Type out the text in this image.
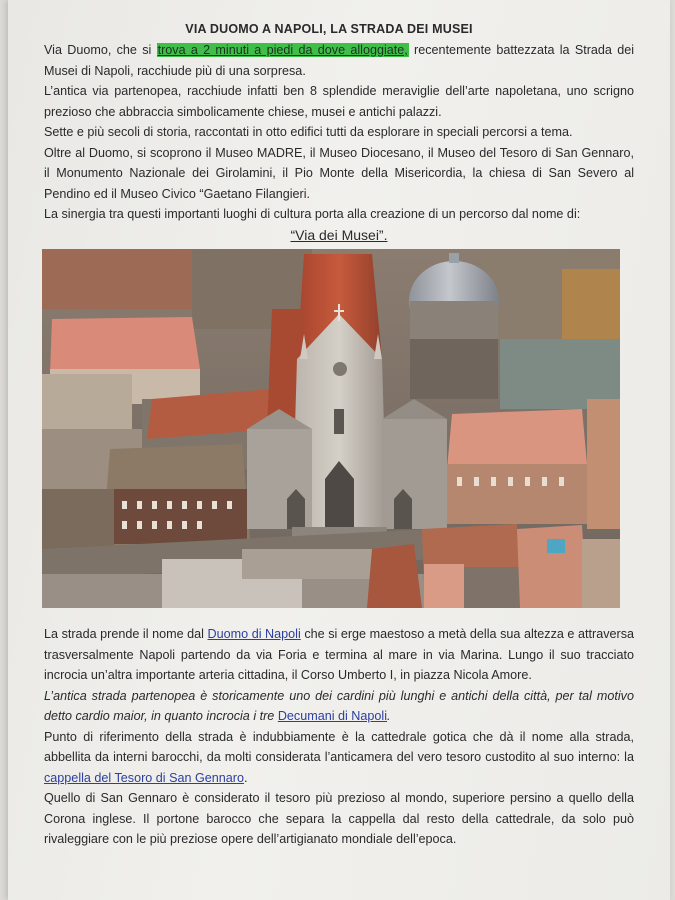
VIA DUOMO A NAPOLI, LA STRADA DEI MUSEI

Via Duomo, che si trova a 2 minuti a piedi da dove alloggiate, recentemente battezzata la Strada dei Musei di Napoli, racchiude più di una sorpresa.

L’antica via partenopea, racchiude infatti ben 8 splendide meraviglie dell’arte napoletana, uno scrigno prezioso che abbraccia simbolicamente chiese, musei e antichi palazzi.

Sette e più secoli di storia, raccontati in otto edifici tutti da esplorare in speciali percorsi a tema.

Oltre al Duomo, si scoprono il Museo MADRE, il Museo Diocesano, il Museo del Tesoro di San Gennaro, il Monumento Nazionale dei Girolamini, il Pio Monte della Misericordia, la chiesa di San Severo al Pendino ed il Museo Civico “Gaetano Filangieri.

La sinergia tra questi importanti luoghi di cultura porta alla creazione di un percorso dal nome di:

“Via dei Musei”.

La strada prende il nome dal Duomo di Napoli che si erge maestoso a metà della sua altezza e attraversa trasversalmente Napoli partendo da via Foria e termina al mare in via Marina. Lungo il suo tracciato incrocia un’altra importante arteria cittadina, il Corso Umberto I, in piazza Nicola Amore.

L’antica strada partenopea è storicamente uno dei cardini più lunghi e antichi della città, per tal motivo detto cardio maior, in quanto incrocia i tre Decumani di Napoli.

Punto di riferimento della strada è indubbiamente è la cattedrale gotica che dà il nome alla strada, abbellita da interni barocchi, da molti considerata l’anticamera del vero tesoro custodito al suo interno: la cappella del Tesoro di San Gennaro.

Quello di San Gennaro è considerato il tesoro più prezioso al mondo, superiore persino a quello della Corona inglese. Il portone barocco che separa la cappella dal resto della cattedrale, da solo può rivaleggiare con le più preziose opere dell’artigianato mondiale dell’epoca.
